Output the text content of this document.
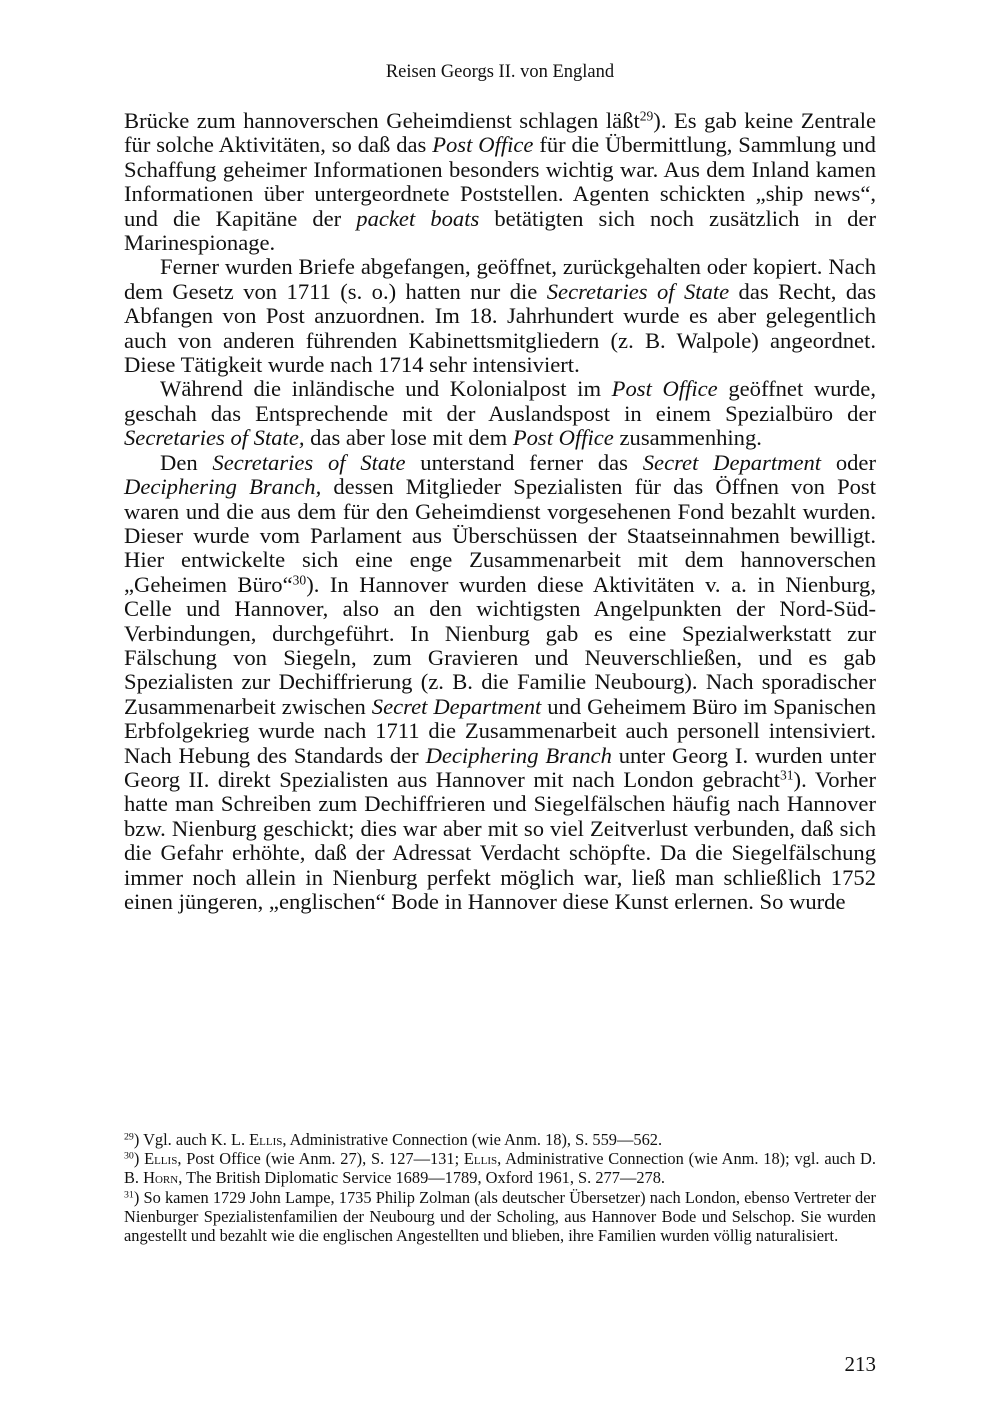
Reisen Georgs II. von England

Brücke zum hannoverschen Geheimdienst schlagen läßt$^{29}$). Es gab keine Zentrale für solche Aktivitäten, so daß das Post Office für die Übermittlung, Sammlung und Schaffung geheimer Informationen besonders wichtig war. Aus dem Inland kamen Informationen über untergeordnete Poststellen. Agenten schickten „ship news“, und die Kapitäne der packet boats betätigten sich noch zusätzlich in der Marinespionage.

Ferner wurden Briefe abgefangen, geöffnet, zurückgehalten oder kopiert. Nach dem Gesetz von 1711 (s. o.) hatten nur die Secretaries of State das Recht, das Abfangen von Post anzuordnen. Im 18. Jahrhundert wurde es aber gelegentlich auch von anderen führenden Kabinettsmitgliedern (z. B. Walpole) angeordnet. Diese Tätigkeit wurde nach 1714 sehr intensiviert.

Während die inländische und Kolonialpost im Post Office geöffnet wurde, geschah das Entsprechende mit der Auslandspost in einem Spezialbüro der Secretaries of State, das aber lose mit dem Post Office zusammenhing.

Den Secretaries of State unterstand ferner das Secret Department oder Deciphering Branch, dessen Mitglieder Spezialisten für das Öffnen von Post waren und die aus dem für den Geheimdienst vorgesehenen Fond bezahlt wurden. Dieser wurde vom Parlament aus Überschüssen der Staatseinnahmen bewilligt. Hier entwickelte sich eine enge Zusammenarbeit mit dem hannoverschen „Geheimen Büro“$^{30}$). In Hannover wurden diese Aktivitäten v. a. in Nienburg, Celle und Hannover, also an den wichtigsten Angelpunkten der Nord-Süd-Verbindungen, durchgeführt. In Nienburg gab es eine Spezialwerkstatt zur Fälschung von Siegeln, zum Gravieren und Neuverschließen, und es gab Spezialisten zur Dechiffrierung (z. B. die Familie Neubourg). Nach sporadischer Zusammenarbeit zwischen Secret Department und Geheimem Büro im Spanischen Erbfolgekrieg wurde nach 1711 die Zusammenarbeit auch personell intensiviert. Nach Hebung des Standards der Deciphering Branch unter Georg I. wurden unter Georg II. direkt Spezialisten aus Hannover mit nach London gebracht$^{31}$). Vorher hatte man Schreiben zum Dechiffrieren und Siegelfälschen häufig nach Hannover bzw. Nienburg geschickt; dies war aber mit so viel Zeitverlust verbunden, daß sich die Gefahr erhöhte, daß der Adressat Verdacht schöpfte. Da die Siegelfälschung immer noch allein in Nienburg perfekt möglich war, ließ man schließlich 1752 einen jüngeren, „englischen“ Bode in Hannover diese Kunst erlernen. So wurde

$^{29}$) Vgl. auch K. L. Ellis, Administrative Connection (wie Anm. 18), S. 559—562.

$^{30}$) Ellis, Post Office (wie Anm. 27), S. 127—131; Ellis, Administrative Connection (wie Anm. 18); vgl. auch D. B. Horn, The British Diplomatic Service 1689—1789, Oxford 1961, S. 277—278.

$^{31}$) So kamen 1729 John Lampe, 1735 Philip Zolman (als deutscher Übersetzer) nach London, ebenso Vertreter der Nienburger Spezialistenfamilien der Neubourg und der Scholing, aus Hannover Bode und Selschop. Sie wurden angestellt und bezahlt wie die englischen Angestellten und blieben, ihre Familien wurden völlig naturalisiert.

213
